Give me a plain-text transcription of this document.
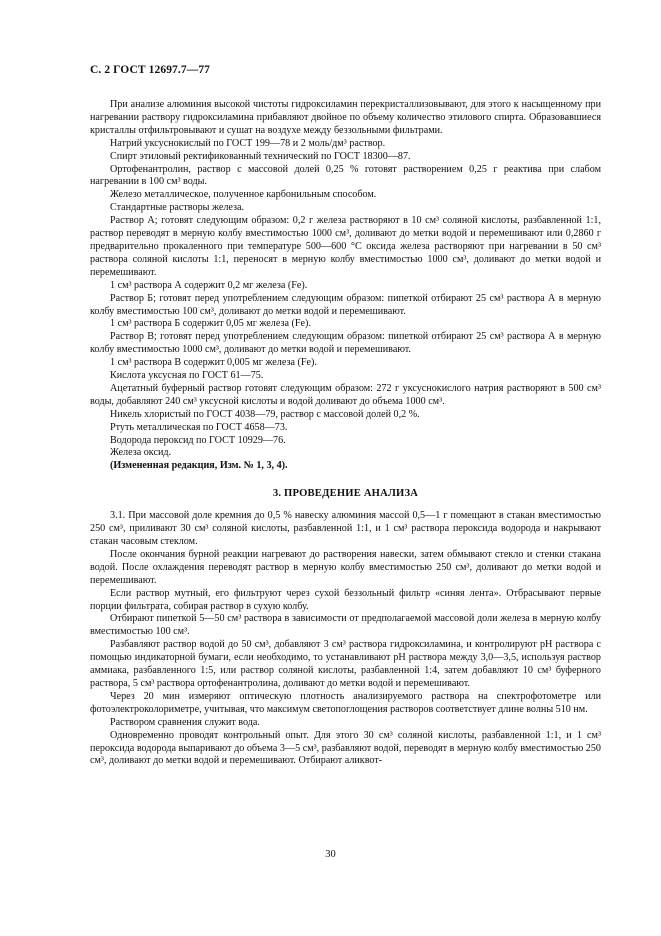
С. 2 ГОСТ 12697.7—77

При анализе алюминия высокой чистоты гидроксиламин перекристаллизовывают, для этого к насыщенному при нагревании раствору гидроксиламина прибавляют двойное по объему количество этилового спирта. Образовавшиеся кристаллы отфильтровывают и сушат на воздухе между беззольными фильтрами.

Натрий уксуснокислый по ГОСТ 199—78 и 2 моль/дм³ раствор.

Спирт этиловый ректификованный технический по ГОСТ 18300—87.

Ортофенантролин, раствор с массовой долей 0,25 % готовят растворением 0,25 г реактива при слабом нагревании в 100 см³ воды.

Железо металлическое, полученное карбонильным способом.

Стандартные растворы железа.

Раствор А; готовят следующим образом: 0,2 г железа растворяют в 10 см³ соляной кислоты, разбавленной 1:1, раствор переводят в мерную колбу вместимостью 1000 см³, доливают до метки водой и перемешивают или 0,2860 г предварительно прокаленного при температуре 500—600 °С оксида железа растворяют при нагревании в 50 см³ раствора соляной кислоты 1:1, переносят в мерную колбу вместимостью 1000 см³, доливают до метки водой и перемешивают.

1 см³ раствора А содержит 0,2 мг железа (Fe).

Раствор Б; готовят перед употреблением следующим образом: пипеткой отбирают 25 см³ раствора А в мерную колбу вместимостью 100 см³, доливают до метки водой и перемешивают.

1 см³ раствора Б содержит 0,05 мг железа (Fe).

Раствор В; готовят перед употреблением следующим образом: пипеткой отбирают 25 см³ раствора А в мерную колбу вместимостью 1000 см³, доливают до метки водой и перемешивают.

1 см³ раствора В содержит 0,005 мг железа (Fe).

Кислота уксусная по ГОСТ 61—75.

Ацетатный буферный раствор готовят следующим образом: 272 г уксуснокислого натрия растворяют в 500 см³ воды, добавляют 240 см³ уксусной кислоты и водой доливают до объема 1000 см³.

Никель хлористый по ГОСТ 4038—79, раствор с массовой долей 0,2 %.

Ртуть металлическая по ГОСТ 4658—73.

Водорода пероксид по ГОСТ 10929—76.

Железа оксид.

(Измененная редакция, Изм. № 1, 3, 4).

3. ПРОВЕДЕНИЕ АНАЛИЗА

3.1. При массовой доле кремния до 0,5 % навеску алюминия массой 0,5—1 г помещают в стакан вместимостью 250 см³, приливают 30 см³ соляной кислоты, разбавленной 1:1, и 1 см³ раствора пероксида водорода и накрывают стакан часовым стеклом.

После окончания бурной реакции нагревают до растворения навески, затем обмывают стекло и стенки стакана водой. После охлаждения переводят раствор в мерную колбу вместимостью 250 см³, доливают до метки водой и перемешивают.

Если раствор мутный, его фильтруют через сухой беззольный фильтр «синяя лента». Отбрасывают первые порции фильтрата, собирая раствор в сухую колбу.

Отбирают пипеткой 5—50 см³ раствора в зависимости от предполагаемой массовой доли железа в мерную колбу вместимостью 100 см³.

Разбавляют раствор водой до 50 см³, добавляют 3 см³ раствора гидроксиламина, и контролируют рН раствора с помощью индикаторной бумаги, если необходимо, то устанавливают рН раствора между 3,0—3,5, используя раствор аммиака, разбавленного 1:5, или раствор соляной кислоты, разбавленной 1:4, затем добавляют 10 см³ буферного раствора, 5 см³ раствора ортофенантролина, доливают до метки водой и перемешивают.

Через 20 мин измеряют оптическую плотность анализируемого раствора на спектрофотометре или фотоэлектроколориметре, учитывая, что максимум светопоглощения растворов соответствует длине волны 510 нм.

Раствором сравнения служит вода.

Одновременно проводят контрольный опыт. Для этого 30 см³ соляной кислоты, разбавленной 1:1, и 1 см³ пероксида водорода выпаривают до объема 3—5 см³, разбавляют водой, переводят в мерную колбу вместимостью 250 см³, доливают до метки водой и перемешивают. Отбирают аликвот-

30
